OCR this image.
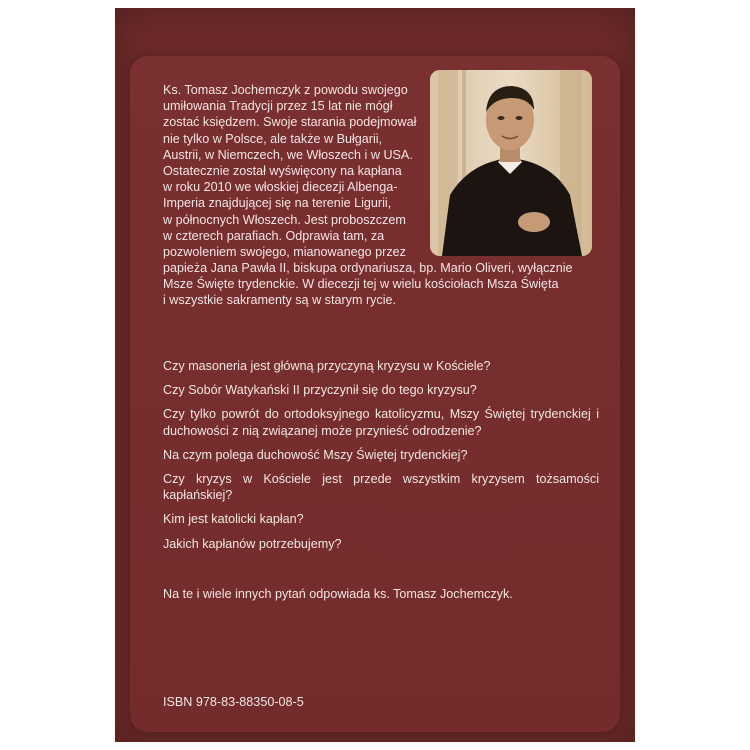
Ks. Tomasz Jochemczyk z powodu swojego
umiłowania Tradycji przez 15 lat nie mógł
zostać księdzem. Swoje starania podejmował
nie tylko w Polsce, ale także w Bułgarii,
Austrii, w Niemczech, we Włoszech i w USA.
Ostatecznie został wyświęcony na kapłana
w roku 2010 we włoskiej diecezji Albenga-
Imperia znajdującej się na terenie Ligurii,
w północnych Włoszech. Jest proboszczem
w czterech parafiach. Odprawia tam, za
pozwoleniem swojego, mianowanego przez
papieża Jana Pawła II, biskupa ordynariusza, bp. Mario Oliveri, wyłącznie
Msze Święte trydenckie. W diecezji tej w wielu kościołach Msza Święta
i wszystkie sakramenty są w starym rycie.

Czy masoneria jest główną przyczyną kryzysu w Kościele?

Czy Sobór Watykański II przyczynił się do tego kryzysu?

Czy tylko powrót do ortodoksyjnego katolicyzmu, Mszy Świętej trydenckiej i duchowości z nią związanej może przynieść odrodzenie?

Na czym polega duchowość Mszy Świętej trydenckiej?

Czy kryzys w Kościele jest przede wszystkim kryzysem tożsamości kapłańskiej?

Kim jest katolicki kapłan?

Jakich kapłanów potrzebujemy?

Na te i wiele innych pytań odpowiada ks. Tomasz Jochemczyk.
ISBN 978-83-88350-08-5
